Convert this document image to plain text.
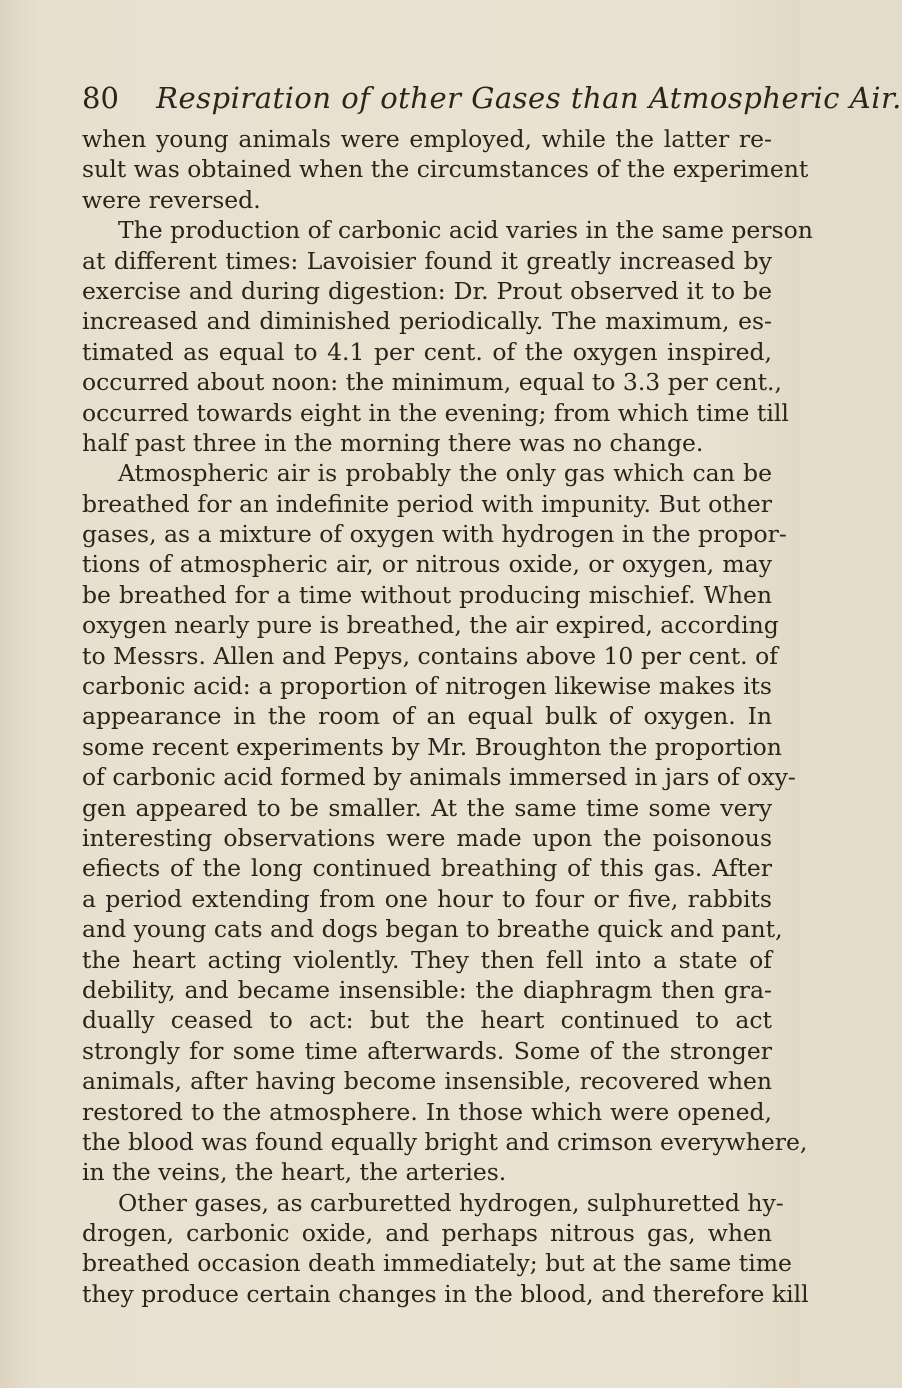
80 Respiration of other Gases than Atmospheric Air.
when young animals were employed, while the latter re-
sult was obtained when the circumstances of the experiment
were reversed.
The production of carbonic acid varies in the same person
at different times: Lavoisier found it greatly increased by
exercise and during digestion: Dr. Prout observed it to be
increased and diminished periodically. The maximum, es-
timated as equal to 4.1 per cent. of the oxygen inspired,
occurred about noon: the minimum, equal to 3.3 per cent.,
occurred towards eight in the evening; from which time till
half past three in the morning there was no change.
Atmospheric air is probably the only gas which can be
breathed for an indefinite period with impunity. But other
gases, as a mixture of oxygen with hydrogen in the propor-
tions of atmospheric air, or nitrous oxide, or oxygen, may
be breathed for a time without producing mischief. When
oxygen nearly pure is breathed, the air expired, according
to Messrs. Allen and Pepys, contains above 10 per cent. of
carbonic acid: a proportion of nitrogen likewise makes its
appearance in the room of an equal bulk of oxygen. In
some recent experiments by Mr. Broughton the proportion
of carbonic acid formed by animals immersed in jars of oxy-
gen appeared to be smaller. At the same time some very
interesting observations were made upon the poisonous
efiects of the long continued breathing of this gas. After
a period extending from one hour to four or five, rabbits
and young cats and dogs began to breathe quick and pant,
the heart acting violently. They then fell into a state of
debility, and became insensible: the diaphragm then gra-
dually ceased to act: but the heart continued to act
strongly for some time afterwards. Some of the stronger
animals, after having become insensible, recovered when
restored to the atmosphere. In those which were opened,
the blood was found equally bright and crimson everywhere,
in the veins, the heart, the arteries.
Other gases, as carburetted hydrogen, sulphuretted hy-
drogen, carbonic oxide, and perhaps nitrous gas, when
breathed occasion death immediately; but at the same time
they produce certain changes in the blood, and therefore kill
